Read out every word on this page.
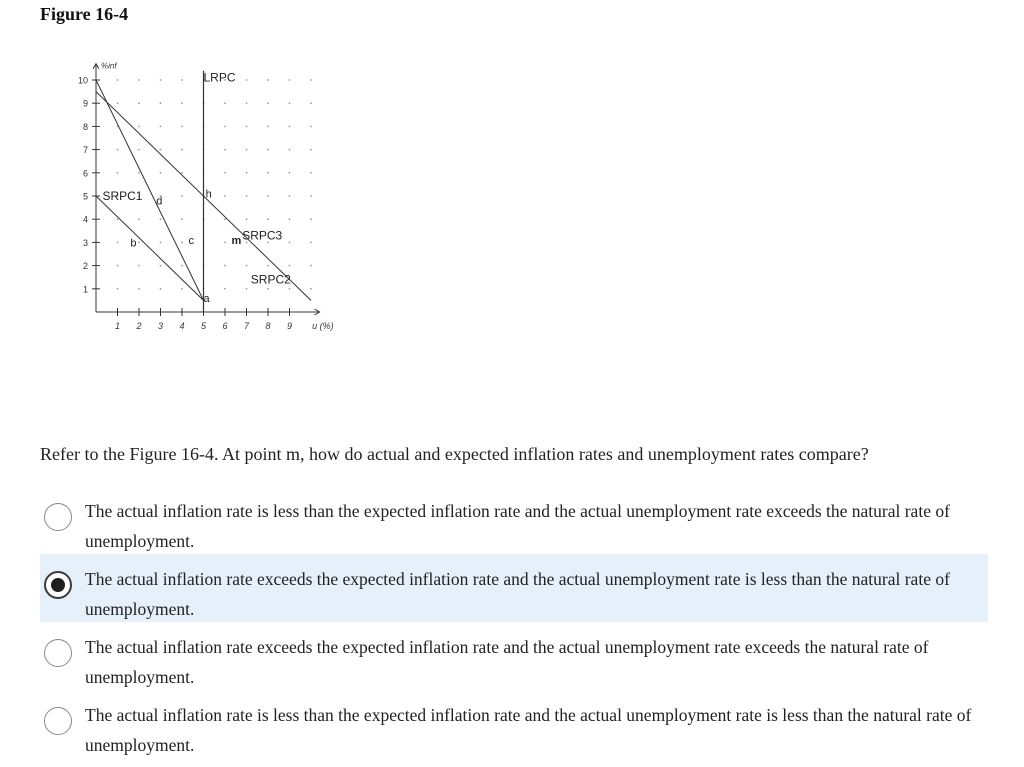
Figure 16-4
10
9
8
7
6
5
4
3
2
1
1 2 3 4 5 6 7 8 9
%inf
u (%)
SRPC1
SRPC2
SRPC3
LRPC
a
b	c
d
h
m
Refer to the Figure 16-4. At point m, how do actual and expected inflation rates and unemployment rates compare?
The actual inflation rate is less than the expected inflation rate and the actual unemployment rate exceeds the natural rate of unemployment.
The actual inflation rate exceeds the expected inflation rate and the actual unemployment rate is less than the natural rate of unemployment.
The actual inflation rate exceeds the expected inflation rate and the actual unemployment rate exceeds the natural rate of unemployment.
The actual inflation rate is less than the expected inflation rate and the actual unemployment rate is less than the natural rate of unemployment.
